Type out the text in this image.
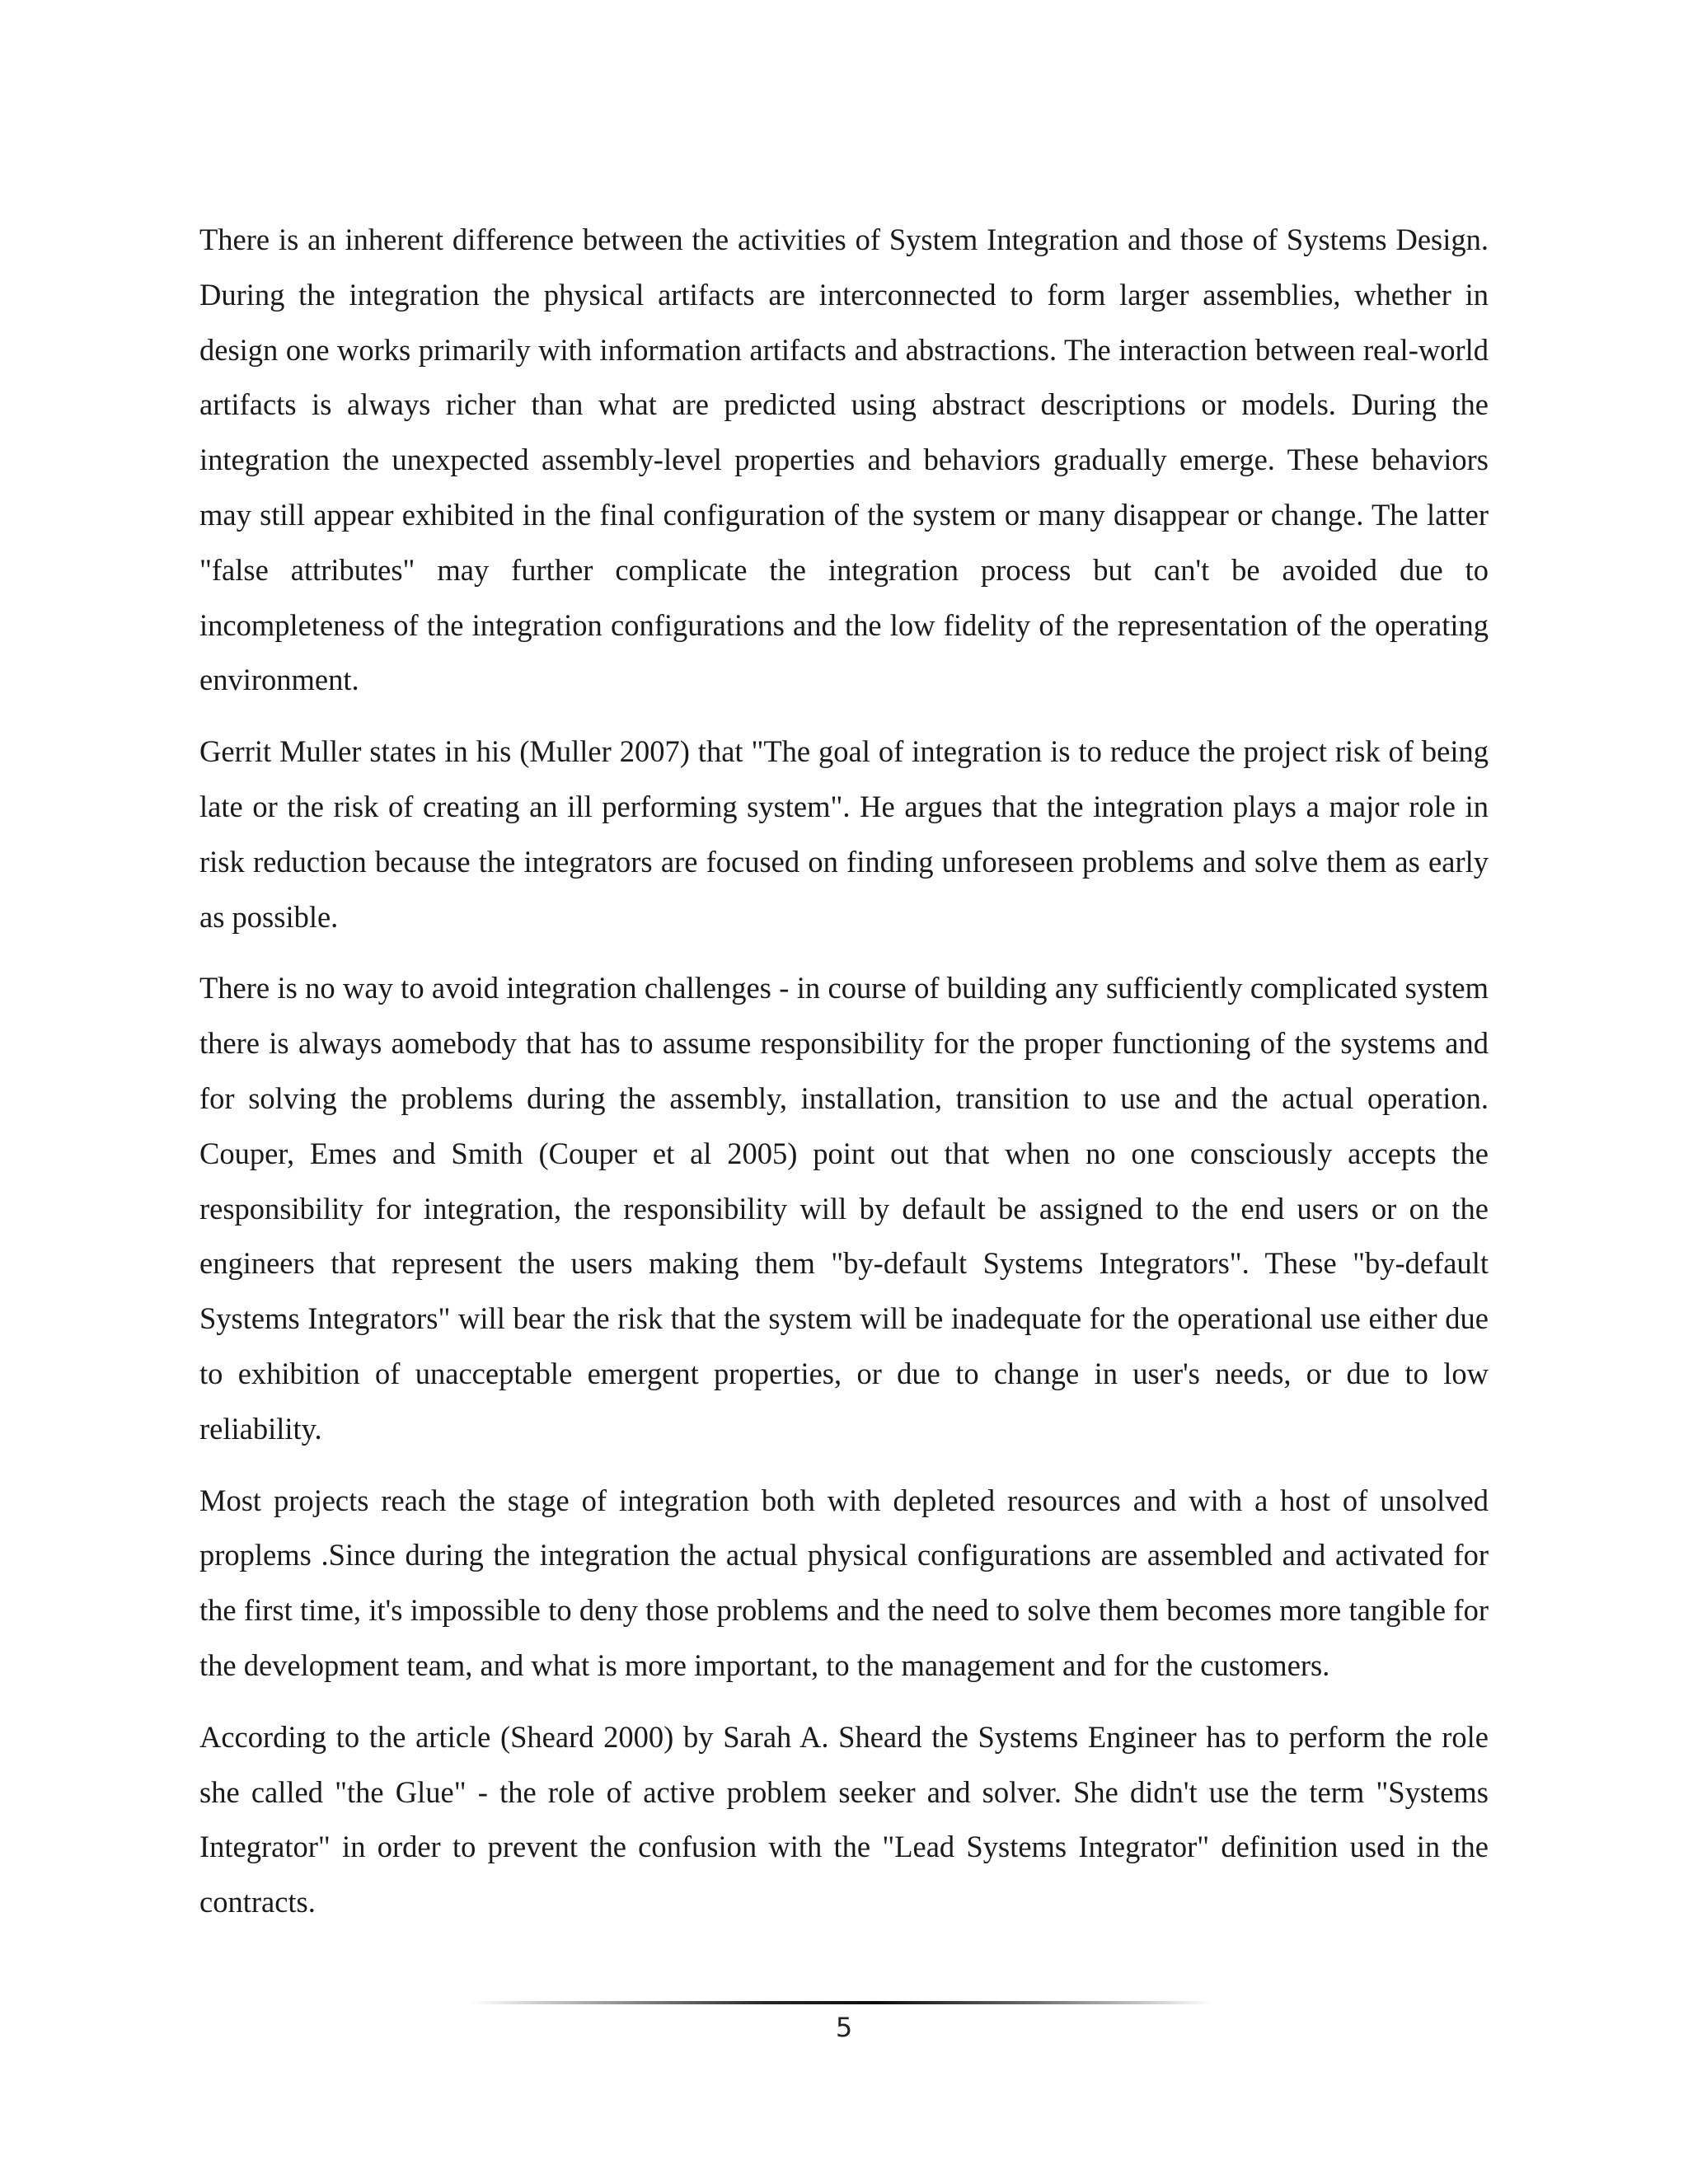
There is an inherent difference between the activities of System Integration and those of Systems Design. During the integration the physical artifacts are interconnected to form larger assemblies, whether in design one works primarily with information artifacts and abstractions. The interaction between real-world artifacts is always richer than what are predicted using abstract descriptions or models. During the integration the unexpected assembly-level properties and behaviors gradually emerge. These behaviors may still appear exhibited in the final configuration of the system or many disappear or change. The latter "false attributes" may further complicate the integration process but can't be avoided due to incompleteness of the integration configurations and the low fidelity of the representation of the operating environment.

Gerrit Muller states in his (Muller 2007) that "The goal of integration is to reduce the project risk of being late or the risk of creating an ill performing system". He argues that the integration plays a major role in risk reduction because the integrators are focused on finding unforeseen problems and solve them as early as possible.

There is no way to avoid integration challenges - in course of building any sufficiently complicated system there is always aomebody that has to assume responsibility for the proper functioning of the systems and for solving the problems during the assembly, installation, transition to use and the actual operation. Couper, Emes and Smith (Couper et al 2005) point out that when no one consciously accepts the responsibility for integration, the responsibility will by default be assigned to the end users or on the engineers that represent the users making them "by-default Systems Integrators". These "by-default Systems Integrators" will bear the risk that the system will be inadequate for the operational use either due to exhibition of unacceptable emergent properties, or due to change in user's needs, or due to low reliability.

Most projects reach the stage of integration both with depleted resources and with a host of unsolved proplems .Since during the integration the actual physical configurations are assembled and activated for the first time, it's impossible to deny those problems and the need to solve them becomes more tangible for the development team, and what is more important, to the management and for the customers.

According to the article (Sheard 2000) by Sarah A. Sheard the Systems Engineer has to perform the role she called "the Glue" - the role of active problem seeker and solver. She didn't use the term "Systems Integrator" in order to prevent the confusion with the "Lead Systems Integrator" definition used in the contracts.

5
